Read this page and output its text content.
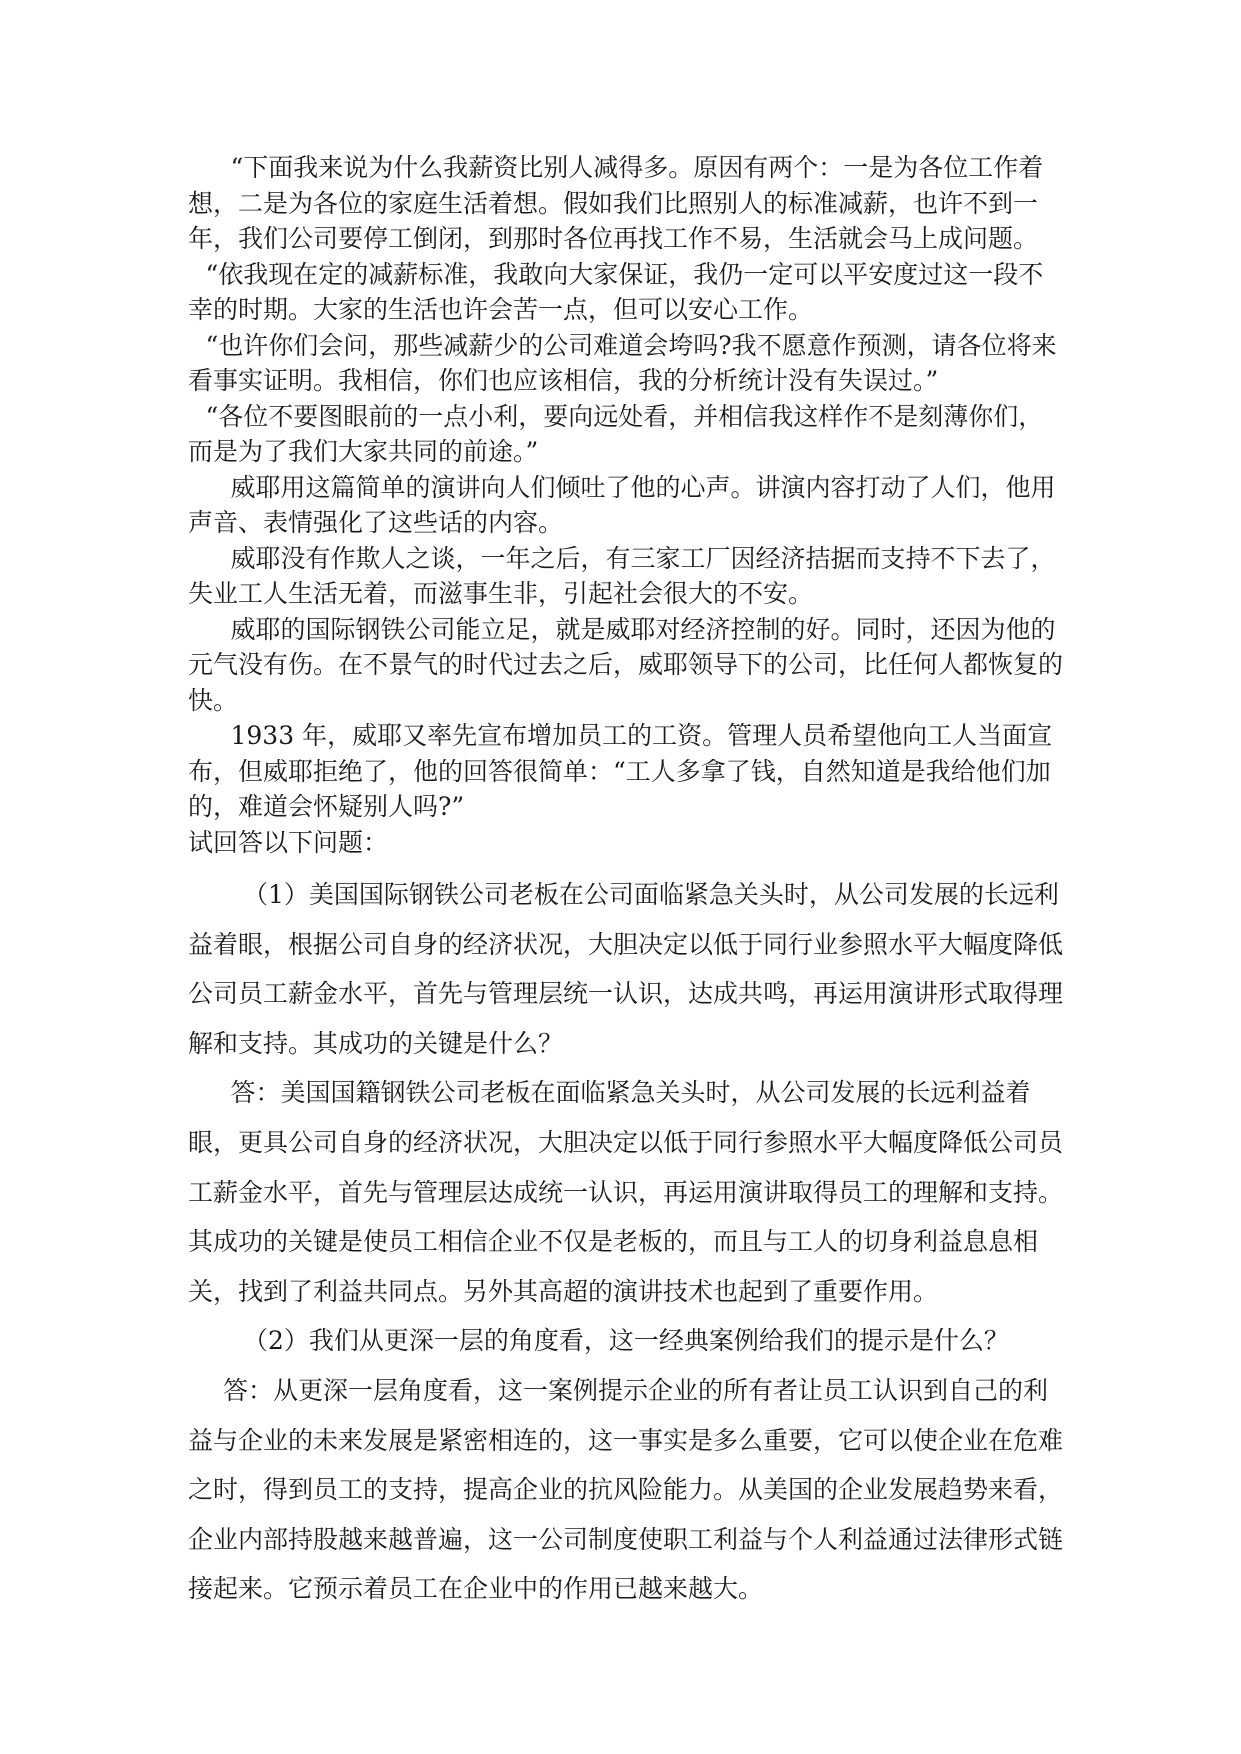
“下面我来说为什么我薪资比别人减得多。原因有两个：一是为各位工作着想，二是为各位的家庭生活着想。假如我们比照别人的标准减薪，也许不到一年，我们公司要停工倒闭，到那时各位再找工作不易，生活就会马上成问题。

“依我现在定的减薪标准，我敢向大家保证，我仍一定可以平安度过这一段不幸的时期。大家的生活也许会苦一点，但可以安心工作。

“也许你们会问，那些减薪少的公司难道会垮吗?我不愿意作预测，请各位将来看事实证明。我相信，你们也应该相信，我的分析统计没有失误过。”

“各位不要图眼前的一点小利，要向远处看，并相信我这样作不是刻薄你们，而是为了我们大家共同的前途。”

威耶用这篇简单的演讲向人们倾吐了他的心声。讲演内容打动了人们，他用声音、表情强化了这些话的内容。

威耶没有作欺人之谈，一年之后，有三家工厂因经济拮据而支持不下去了，失业工人生活无着，而滋事生非，引起社会很大的不安。

威耶的国际钢铁公司能立足，就是威耶对经济控制的好。同时，还因为他的元气没有伤。在不景气的时代过去之后，威耶领导下的公司，比任何人都恢复的快。

1933 年，威耶又率先宣布增加员工的工资。管理人员希望他向工人当面宣布，但威耶拒绝了，他的回答很简单：“工人多拿了钱，自然知道是我给他们加的，难道会怀疑别人吗?”

试回答以下问题：

（1）美国国际钢铁公司老板在公司面临紧急关头时，从公司发展的长远利益着眼，根据公司自身的经济状况，大胆决定以低于同行业参照水平大幅度降低公司员工薪金水平，首先与管理层统一认识，达成共鸣，再运用演讲形式取得理解和支持。其成功的关键是什么？

答：美国国籍钢铁公司老板在面临紧急关头时，从公司发展的长远利益着眼，更具公司自身的经济状况，大胆决定以低于同行参照水平大幅度降低公司员工薪金水平，首先与管理层达成统一认识，再运用演讲取得员工的理解和支持。其成功的关键是使员工相信企业不仅是老板的，而且与工人的切身利益息息相关，找到了利益共同点。另外其高超的演讲技术也起到了重要作用。

（2）我们从更深一层的角度看，这一经典案例给我们的提示是什么？

答：从更深一层角度看，这一案例提示企业的所有者让员工认识到自己的利益与企业的未来发展是紧密相连的，这一事实是多么重要，它可以使企业在危难之时，得到员工的支持，提高企业的抗风险能力。从美国的企业发展趋势来看，企业内部持股越来越普遍，这一公司制度使职工利益与个人利益通过法律形式链接起来。它预示着员工在企业中的作用已越来越大。
